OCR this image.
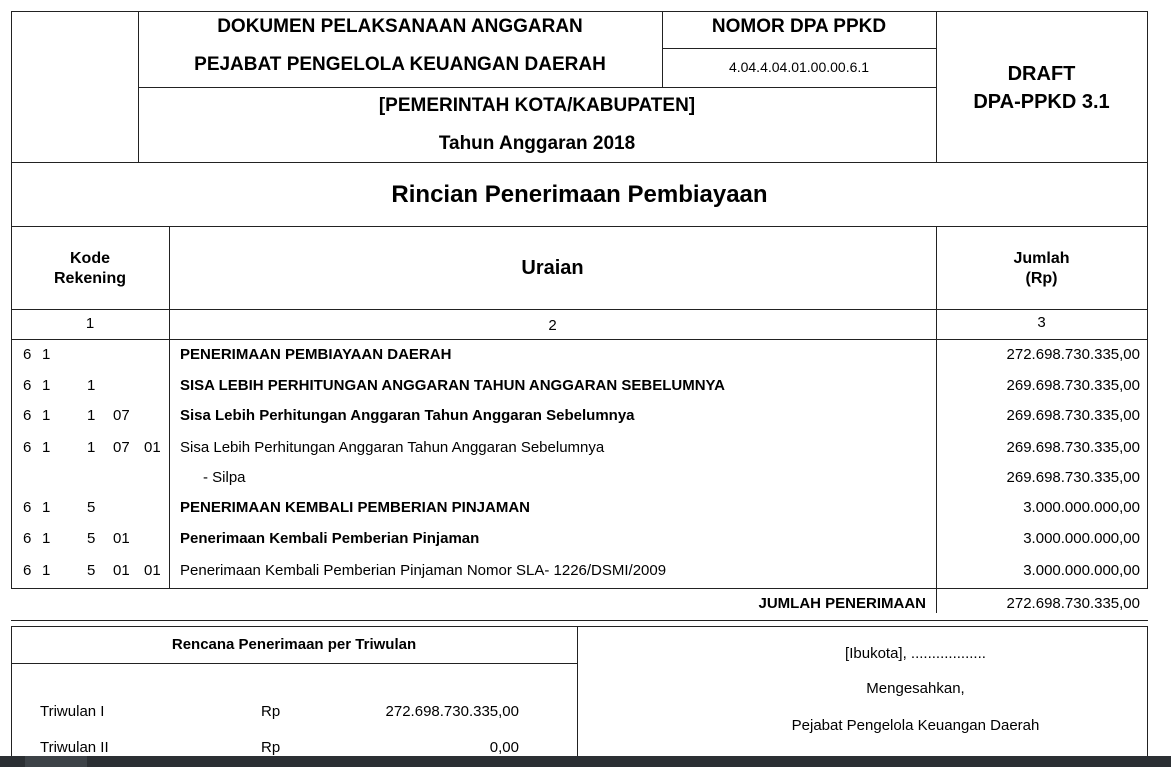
DOKUMEN PELAKSANAAN ANGGARAN
PEJABAT PENGELOLA KEUANGAN DAERAH
NOMOR DPA PPKD
4.04.4.04.01.00.00.6.1
[PEMERINTAH KOTA/KABUPATEN]
Tahun Anggaran 2018
DRAFT
DPA-PPKD 3.1
Rincian Penerimaan Pembiayaan
Kode
Rekening	Uraian	Jumlah
(Rp)
1	2	3
6 1	PENERIMAAN PEMBIAYAAN DAERAH	272.698.730.335,00
6 1 1	SISA LEBIH PERHITUNGAN ANGGARAN TAHUN ANGGARAN SEBELUMNYA	269.698.730.335,00
6 1 1 07	Sisa Lebih Perhitungan Anggaran Tahun Anggaran Sebelumnya	269.698.730.335,00
6 1 1 07 01 Sisa Lebih Perhitungan Anggaran Tahun Anggaran Sebelumnya	269.698.730.335,00
- Silpa	269.698.730.335,00
6 1 5	PENERIMAAN KEMBALI PEMBERIAN PINJAMAN	3.000.000.000,00
6 1 5 01	Penerimaan Kembali Pemberian Pinjaman	3.000.000.000,00
6 1 5 01 01 Penerimaan Kembali Pemberian Pinjaman Nomor SLA- 1226/DSMI/2009	3.000.000.000,00
JUMLAH PENERIMAAN	272.698.730.335,00
Rencana Penerimaan per Triwulan
Triwulan I	Rp	272.698.730.335,00
Triwulan II	Rp	0,00
[Ibukota], ..................
Mengesahkan,
Pejabat Pengelola Keuangan Daerah
